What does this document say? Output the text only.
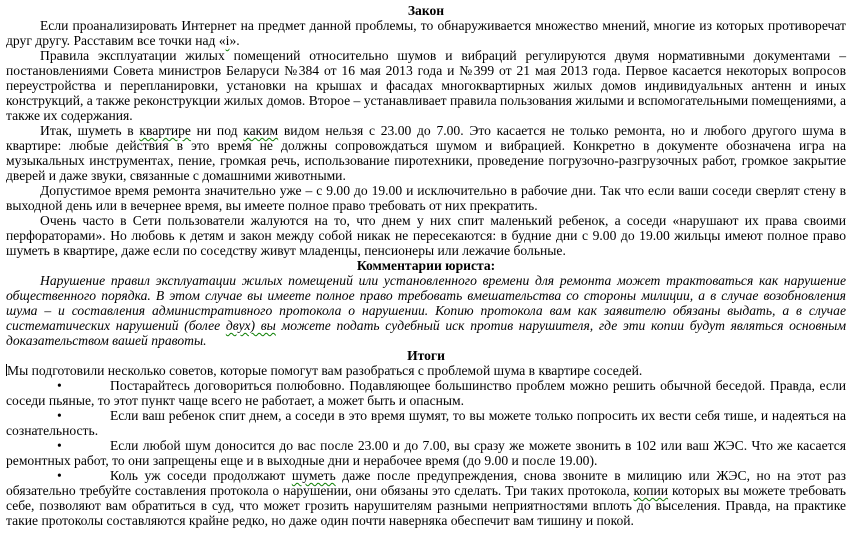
Закон

Если проанализировать Интернет на предмет данной проблемы, то обнаруживается множество мнений, многие из которых противоречат друг другу. Расставим все точки над «i».

Правила эксплуатации жилых помещений относительно шумов и вибраций регулируются двумя нормативными документами – постановлениями Совета министров Беларуси №384 от 16 мая 2013 года и №399 от 21 мая 2013 года. Первое касается некоторых вопросов переустройства и перепланировки, установки на крышах и фасадах многоквартирных жилых домов индивидуальных антенн и иных конструкций, а также реконструкции жилых домов. Второе – устанавливает правила пользования жилыми и вспомогательными помещениями, а также их содержания.

Итак, шуметь в квартире ни под каким видом нельзя с 23.00 до 7.00. Это касается не только ремонта, но и любого другого шума в квартире: любые действия в это время не должны сопровождаться шумом и вибрацией. Конкретно в документе обозначена игра на музыкальных инструментах, пение, громкая речь, использование пиротехники, проведение погрузочно-разгрузочных работ, громкое закрытие дверей и даже звуки, связанные с домашними животными.

Допустимое время ремонта значительно уже – с 9.00 до 19.00 и исключительно в рабочие дни. Так что если ваши соседи сверлят стену в выходной день или в вечернее время, вы имеете полное право требовать от них прекратить.

Очень часто в Сети пользователи жалуются на то, что днем у них спит маленький ребенок, а соседи «нарушают их права своими перфораторами». Но любовь к детям и закон между собой никак не пересекаются: в будние дни с 9.00 до 19.00 жильцы имеют полное право шуметь в квартире, даже если по соседству живут младенцы, пенсионеры или лежачие больные.

Комментарии юриста:

Нарушение правил эксплуатации жилых помещений или установленного времени для ремонта может трактоваться как нарушение общественного порядка. В этом случае вы имеете полное право требовать вмешательства со стороны милиции, а в случае возобновления шума – и составления административного протокола о нарушении. Копию протокола вам как заявителю обязаны выдать, а в случае систематических нарушений (более двух) вы можете подать судебный иск против нарушителя, где эти копии будут являться основным доказательством вашей правоты.

Итоги

Мы подготовили несколько советов, которые помогут вам разобраться с проблемой шума в квартире соседей.

•	Постарайтесь договориться полюбовно. Подавляющее большинство проблем можно решить обычной беседой. Правда, если соседи пьяные, то этот пункт чаще всего не работает, а может быть и опасным.
•	Если ваш ребенок спит днем, а соседи в это время шумят, то вы можете только попросить их вести себя тише, и надеяться на сознательность.
•	Если любой шум доносится до вас после 23.00 и до 7.00, вы сразу же можете звонить в 102 или ваш ЖЭС. Что же касается ремонтных работ, то они запрещены еще и в выходные дни и нерабочее время (до 9.00 и после 19.00).
•	Коль уж соседи продолжают шуметь даже после предупреждения, снова звоните в милицию или ЖЭС, но на этот раз обязательно требуйте составления протокола о нарушении, они обязаны это сделать. Три таких протокола, копии которых вы можете требовать себе, позволяют вам обратиться в суд, что может грозить нарушителям разными неприятностями вплоть до выселения. Правда, на практике такие протоколы составляются крайне редко, но даже один почти наверняка обеспечит вам тишину и покой.
